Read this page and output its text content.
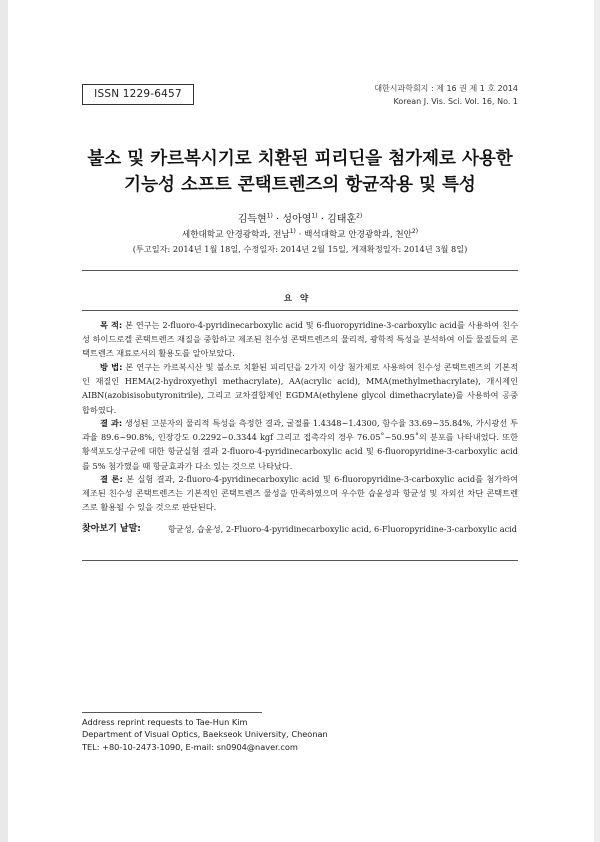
ISSN 1229-6457	대한시과학회지 : 제 16 권 제 1 호 2014
Korean J. Vis. Sci. Vol. 16, No. 1
불소 및 카르복시기로 치환된 피리딘을 첨가제로 사용한
기능성 소프트 콘택트렌즈의 항균작용 및 특성
김득현$^{1)}$ · 성아영$^{1)}$ · 김태훈$^{2)}$
세한대학교 안경광학과, 전남$^{1)}$ · 백석대학교 안경광학과, 천안$^{2)}$
(투고일자: 2014년 1월 18일, 수정일자: 2014년 2월 15일, 게재확정일자: 2014년 3월 8일)
요약
목 적: 본 연구는 2-fluoro-4-pyridinecarboxylic acid 및 6-fluoropyridine-3-carboxylic acid를 사용하여 친수성 하이드로겔 콘택트렌즈 재질을 중합하고 제조된 친수성 콘택트렌즈의 물리적, 광학적 특성을 분석하여 이들 물질들의 콘택트렌즈 재료로서의 활용도를 알아보았다.
방 법: 본 연구는 카르복시산 및 불소로 치환된 피리딘을 2가지 이상 첨가제로 사용하여 친수성 콘택트렌즈의 기본적인 재질인 HEMA(2-hydroxyethyl methacrylate), AA(acrylic acid), MMA(methylmethacrylate), 개시제인 AIBN(azobisisobutyronitrile), 그리고 교차결합제인 EGDMA(ethylene glycol dimethacrylate)를 사용하여 공중합하였다.
결 과: 생성된 고분자의 물리적 특성을 측정한 결과, 굴절률 1.4348~1.4300, 함수율 33.69~35.84%, 가시광선 투과율 89.6~90.8%, 인장강도 0.2292~0.3344 kgf 그리고 접촉각의 경우 76.05˚~50.95˚의 분포를 나타내었다. 또한 황색포도상구균에 대한 항균실험 결과 2-fluoro-4-pyridinecarboxylic acid 및 6-fluoropyridine-3-carboxylic acid를 5% 첨가했을 때 항균효과가 다소 있는 것으로 나타났다.
결 론: 본 실험 결과, 2-fluoro-4-pyridinecarboxylic acid 및 6-fluoropyridine-3-carboxylic acid를 첨가하여 제조된 친수성 콘택트렌즈는 기본적인 콘택트렌즈 물성을 만족하였으며 우수한 습윤성과 항균성 및 자외선 차단 콘택트렌즈로 활용될 수 있을 것으로 판단된다.
찾아보기 낱말:	항균성, 습윤성, 2-Fluoro-4-pyridinecarboxylic acid, 6-Fluoropyridine-3-carboxylic acid
Address reprint requests to Tae-Hun Kim
Department of Visual Optics, Baekseok University, Cheonan
TEL: +80-10-2473-1090, E-mail: sn0904@naver.com
